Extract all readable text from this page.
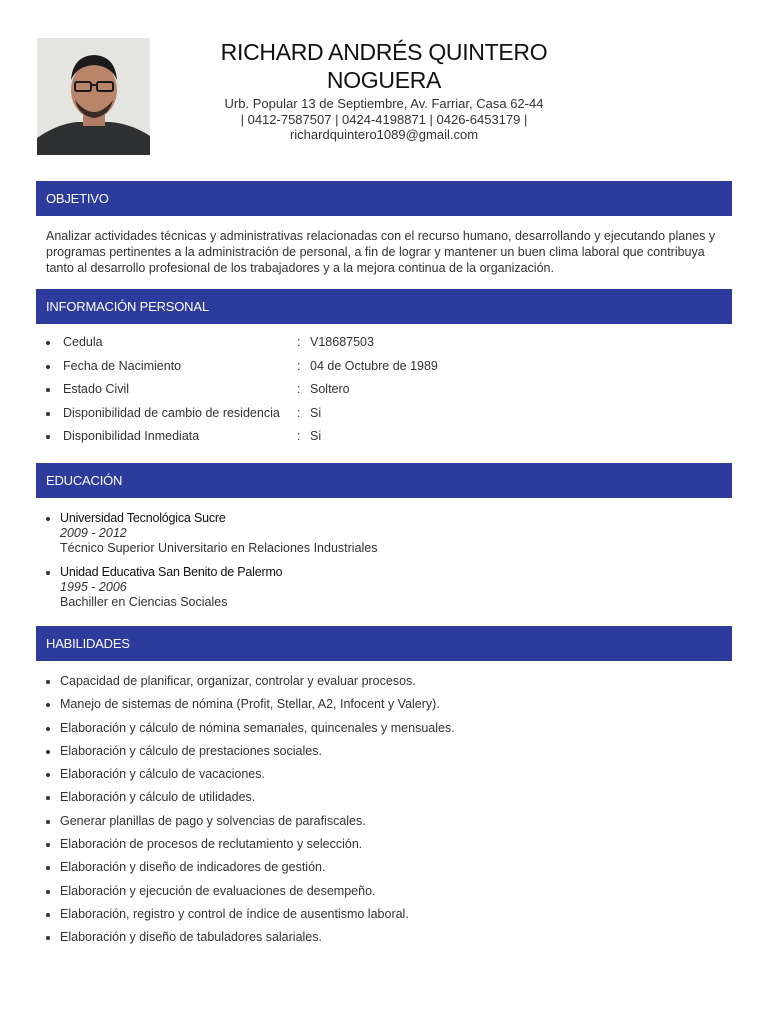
RICHARD ANDRÉS QUINTERO
NOGUERA
Urb. Popular 13 de Septiembre, Av. Farriar, Casa 62-44
| 0412-7587507 | 0424-4198871 | 0426-6453179 |
richardquintero1089@gmail.com
OBJETIVO

Analizar actividades técnicas y administrativas relacionadas con el recurso humano, desarrollando y ejecutando planes y programas pertinentes a la administración de personal, a fin de lograr y mantener un buen clima laboral que contribuya tanto al desarrollo profesional de los trabajadores y a la mejora continua de la organización.

INFORMACIÓN PERSONAL
Cedula	: V18687503
Fecha de Nacimiento	: 04 de Octubre de 1989
Estado Civil	: Soltero
Disponibilidad de cambio de residencia : Si
Disponibilidad Inmediata	: Si
EDUCACIÓN
Universidad Tecnológica Sucre
2009 - 2012
Técnico Superior Universitario en Relaciones Industriales
Unidad Educativa San Benito de Palermo
1995 - 2006
Bachiller en Ciencias Sociales
HABILIDADES
Capacidad de planificar, organizar, controlar y evaluar procesos.
Manejo de sistemas de nómina (Profit, Stellar, A2, Infocent y Valery).
Elaboración y cálculo de nómina semanales, quincenales y mensuales.
Elaboración y cálculo de prestaciones sociales.
Elaboración y cálculo de vacaciones.
Elaboración y cálculo de utilidades.
Generar planillas de pago y solvencias de parafiscales.
Elaboración de procesos de reclutamiento y selección.
Elaboración y diseño de indicadores de gestión.
Elaboración y ejecución de evaluaciones de desempeño.
Elaboración, registro y control de índice de ausentismo laboral.
Elaboración y diseño de tabuladores salariales.
